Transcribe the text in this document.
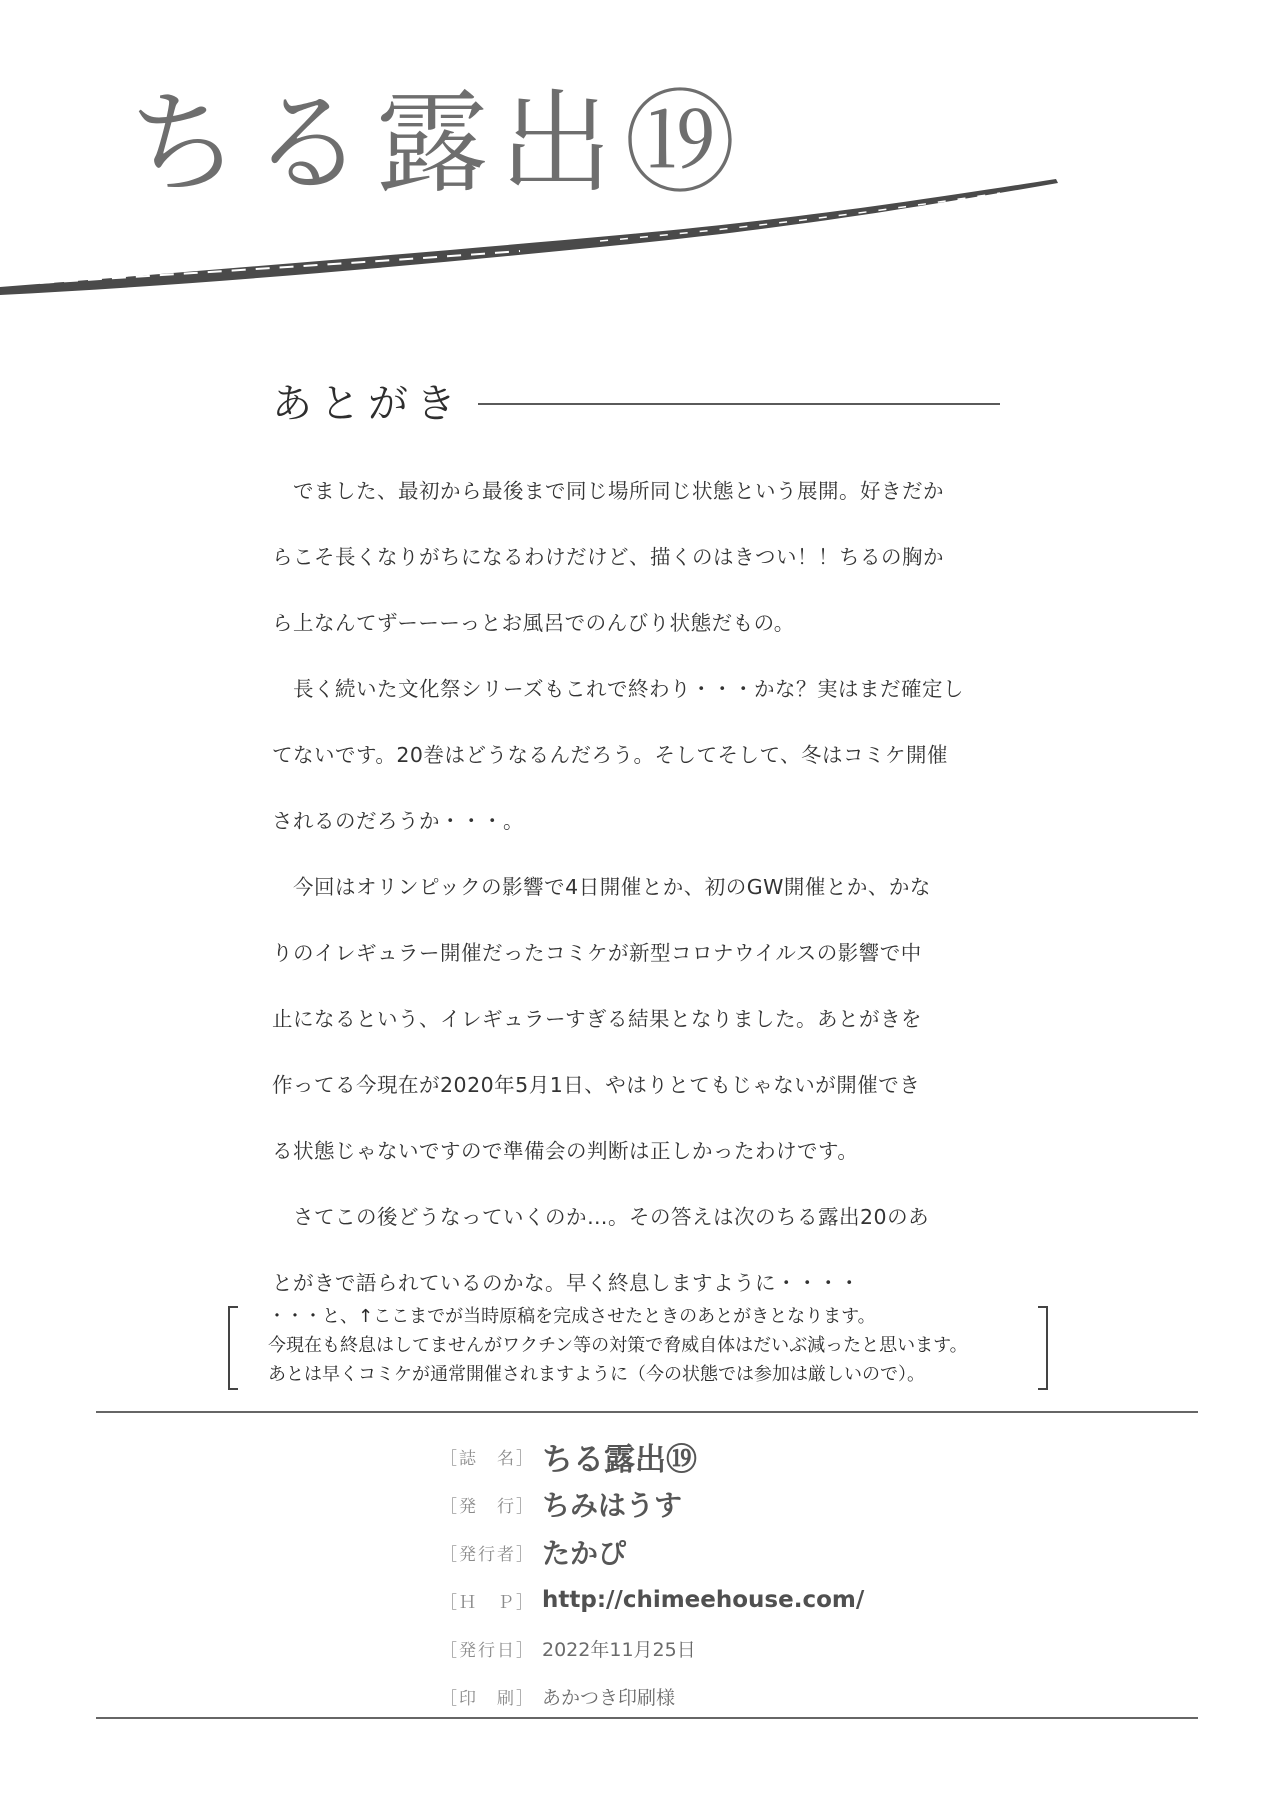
ちる露出⑲
あとがき
　でました、最初から最後まで同じ場所同じ状態という展開。好きだか
らこそ長くなりがちになるわけだけど、描くのはきつい！！ちるの胸か
ら上なんてずーーーっとお風呂でのんびり状態だもの。
　長く続いた文化祭シリーズもこれで終わり・・・かな？実はまだ確定し
てないです。20巻はどうなるんだろう。そしてそして、冬はコミケ開催
されるのだろうか・・・。
　今回はオリンピックの影響で4日開催とか、初のGW開催とか、かな
りのイレギュラー開催だったコミケが新型コロナウイルスの影響で中
止になるという、イレギュラーすぎる結果となりました。あとがきを
作ってる今現在が2020年5月1日、やはりとてもじゃないが開催でき
る状態じゃないですので準備会の判断は正しかったわけです。
　さてこの後どうなっていくのか…。その答えは次のちる露出20のあ
とがきで語られているのかな。早く終息しますように・・・・
・・・と、↑ここまでが当時原稿を完成させたときのあとがきとなります。
今現在も終息はしてませんがワクチン等の対策で脅威自体はだいぶ減ったと思います。
あとは早くコミケが通常開催されますように（今の状態では参加は厳しいので）。
［誌　名］ ちる露出⑲
［発　行］ ちみはうす
［発行者］ たかぴ
［Ｈ　Ｐ］ http://chimeehouse.com/
［発行日］ 2022年11月25日
［印　刷］ あかつき印刷様
